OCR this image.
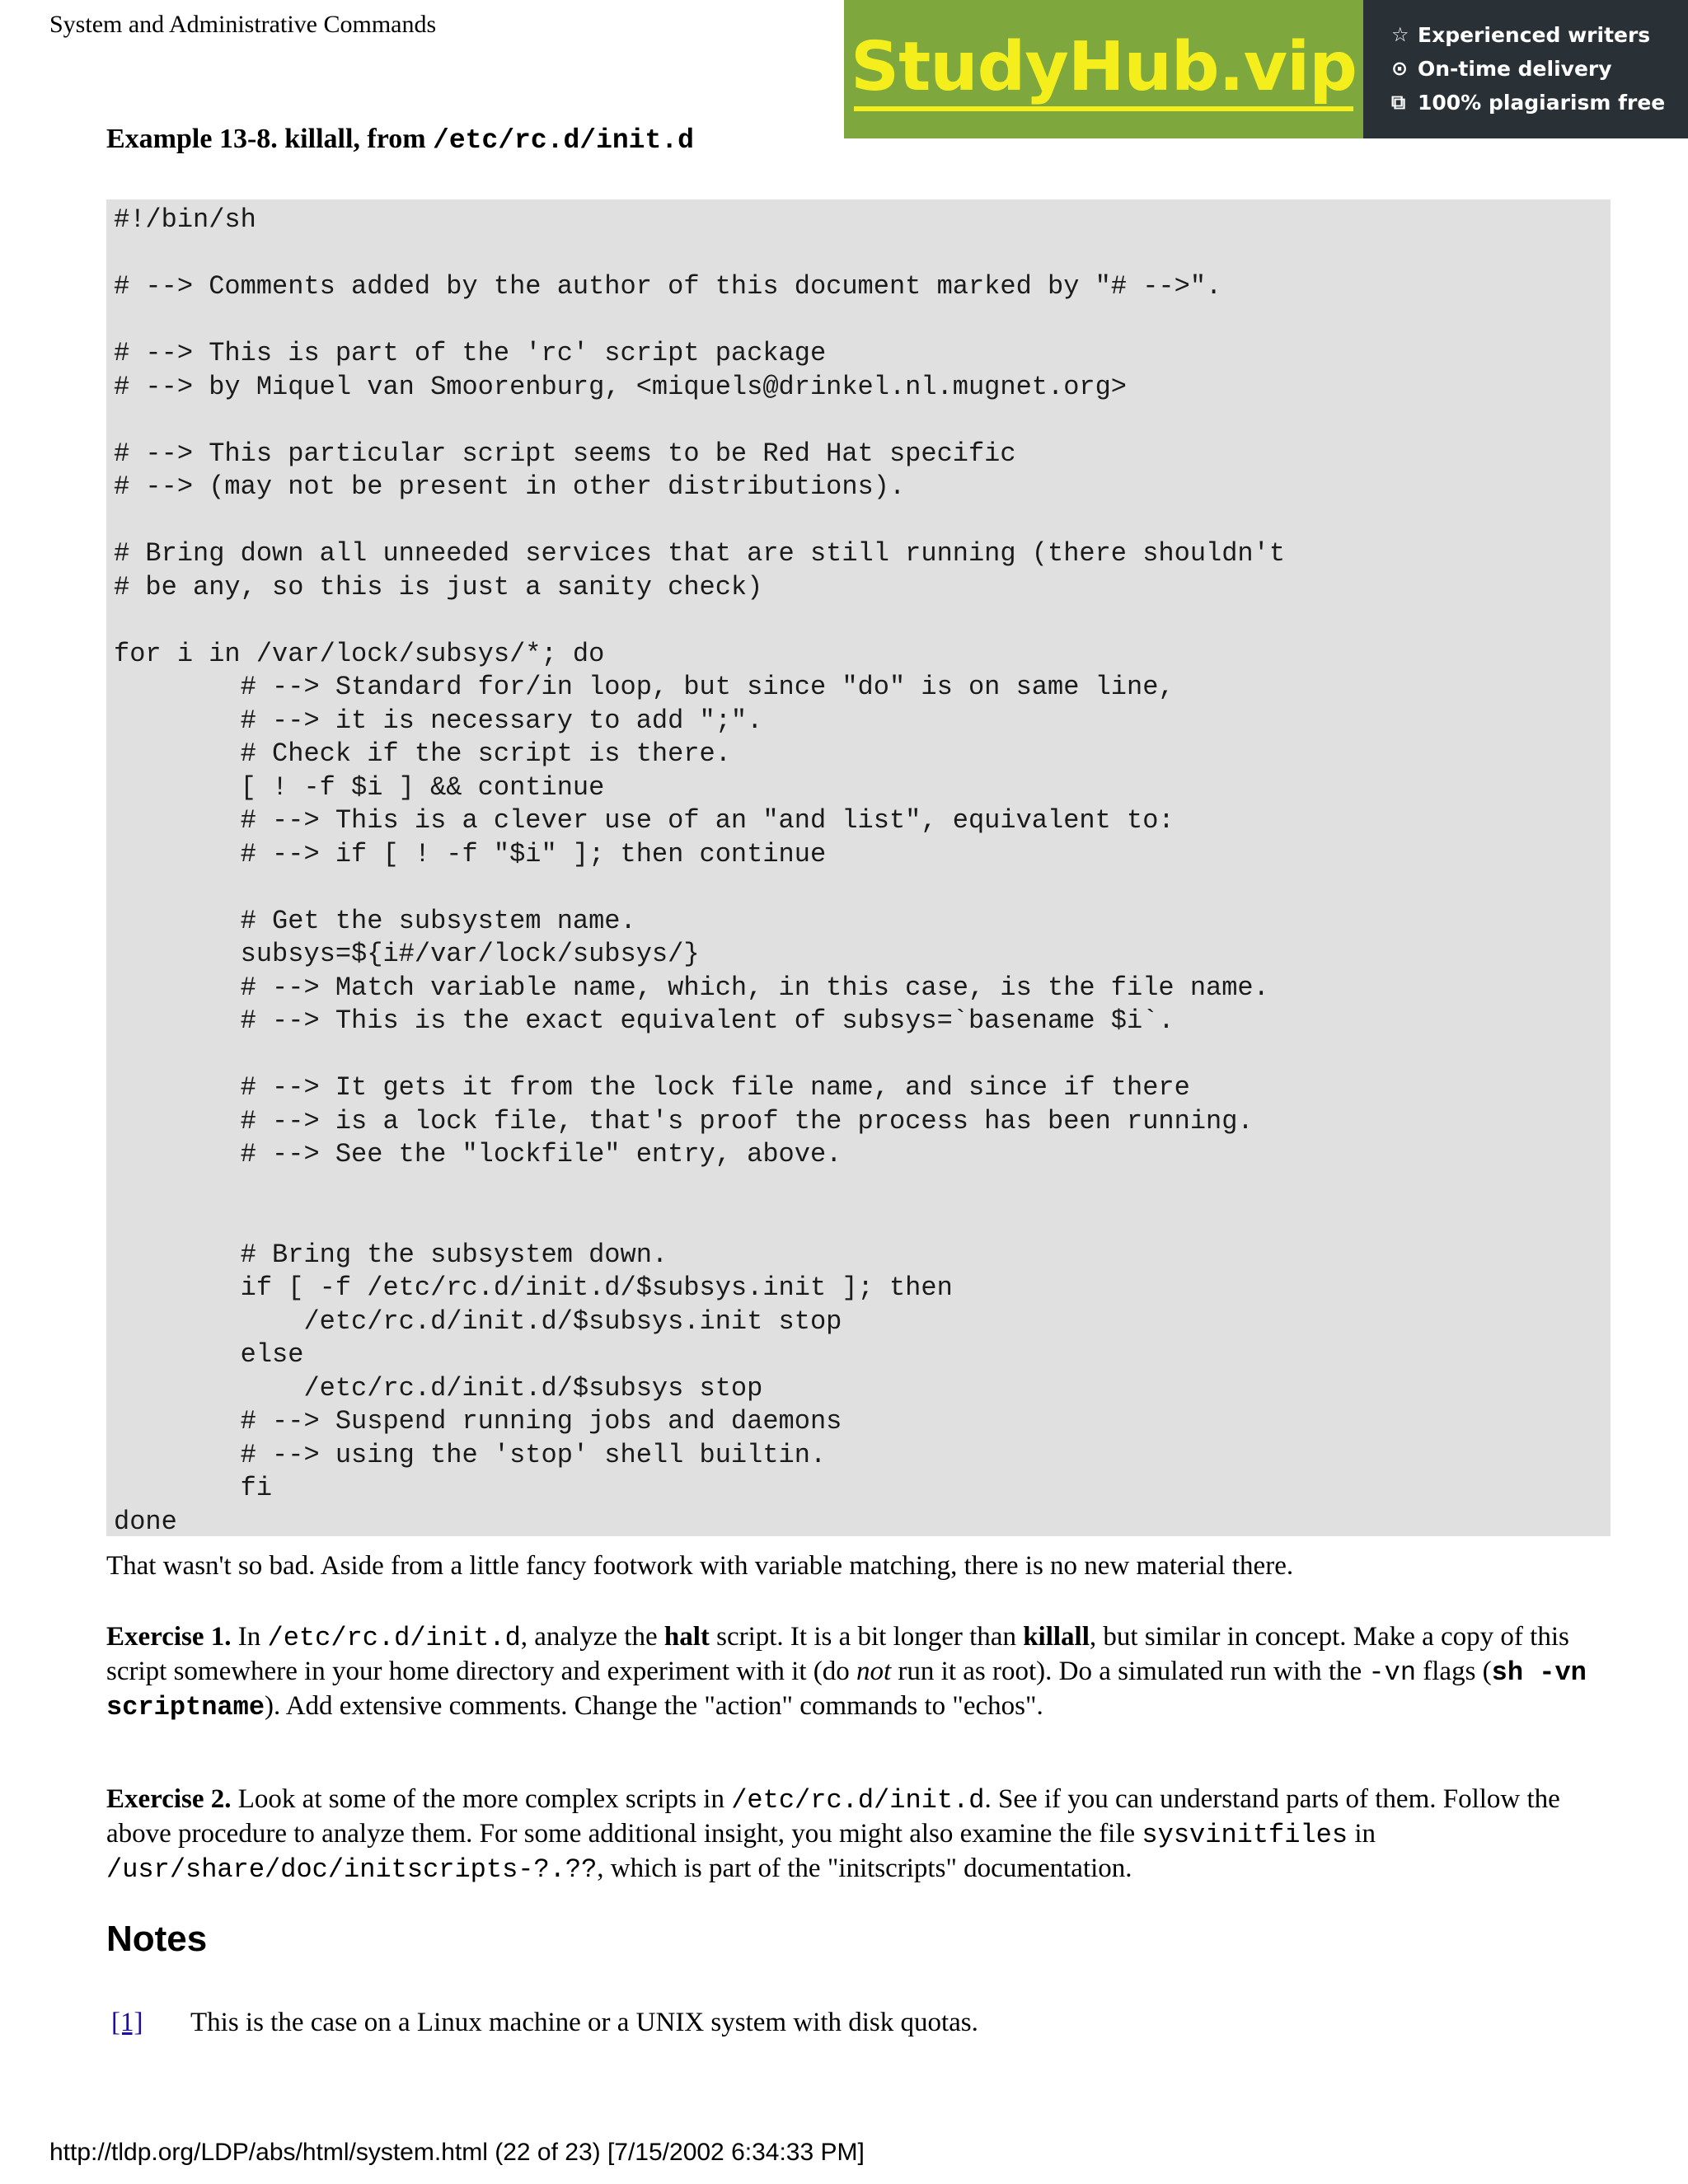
System and Administrative Commands
StudyHub.vip ☆ Experienced writers
⊙ On-time delivery
⧉ 100% plagiarism free
Example 13-8. killall, from /etc/rc.d/init.d
#!/bin/sh

# --> Comments added by the author of this document marked by "# -->".

# --> This is part of the 'rc' script package
# --> by Miquel van Smoorenburg, <miquels@drinkel.nl.mugnet.org>

# --> This particular script seems to be Red Hat specific
# --> (may not be present in other distributions).

# Bring down all unneeded services that are still running (there shouldn't
# be any, so this is just a sanity check)

for i in /var/lock/subsys/*; do
# --> Standard for/in loop, but since "do" is on same line,
# --> it is necessary to add ";".
# Check if the script is there.
[ ! -f $i ] && continue
# --> This is a clever use of an "and list", equivalent to:
# --> if [ ! -f "$i" ]; then continue

# Get the subsystem name.
subsys=${i#/var/lock/subsys/}
# --> Match variable name, which, in this case, is the file name.
# --> This is the exact equivalent of subsys=`basename $i`.

# --> It gets it from the lock file name, and since if there
# --> is a lock file, that's proof the process has been running.
# --> See the "lockfile" entry, above.

# Bring the subsystem down.
if [ -f /etc/rc.d/init.d/$subsys.init ]; then
/etc/rc.d/init.d/$subsys.init stop
else
/etc/rc.d/init.d/$subsys stop
# --> Suspend running jobs and daemons
# --> using the 'stop' shell builtin.
fi
done
That wasn't so bad. Aside from a little fancy footwork with variable matching, there is no new material there.
Exercise 1. In /etc/rc.d/init.d, analyze the halt script. It is a bit longer than killall, but similar in concept. Make a copy of this script somewhere in your home directory and experiment with it (do not run it as root). Do a simulated run with the -vn flags (sh -vn scriptname). Add extensive comments. Change the "action" commands to "echos".
Exercise 2. Look at some of the more complex scripts in /etc/rc.d/init.d. See if you can understand parts of them. Follow the above procedure to analyze them. For some additional insight, you might also examine the file sysvinitfiles in /usr/share/doc/initscripts-?.??, which is part of the "initscripts" documentation.
Notes
[1]	This is the case on a Linux machine or a UNIX system with disk quotas.
http://tldp.org/LDP/abs/html/system.html (22 of 23) [7/15/2002 6:34:33 PM]
